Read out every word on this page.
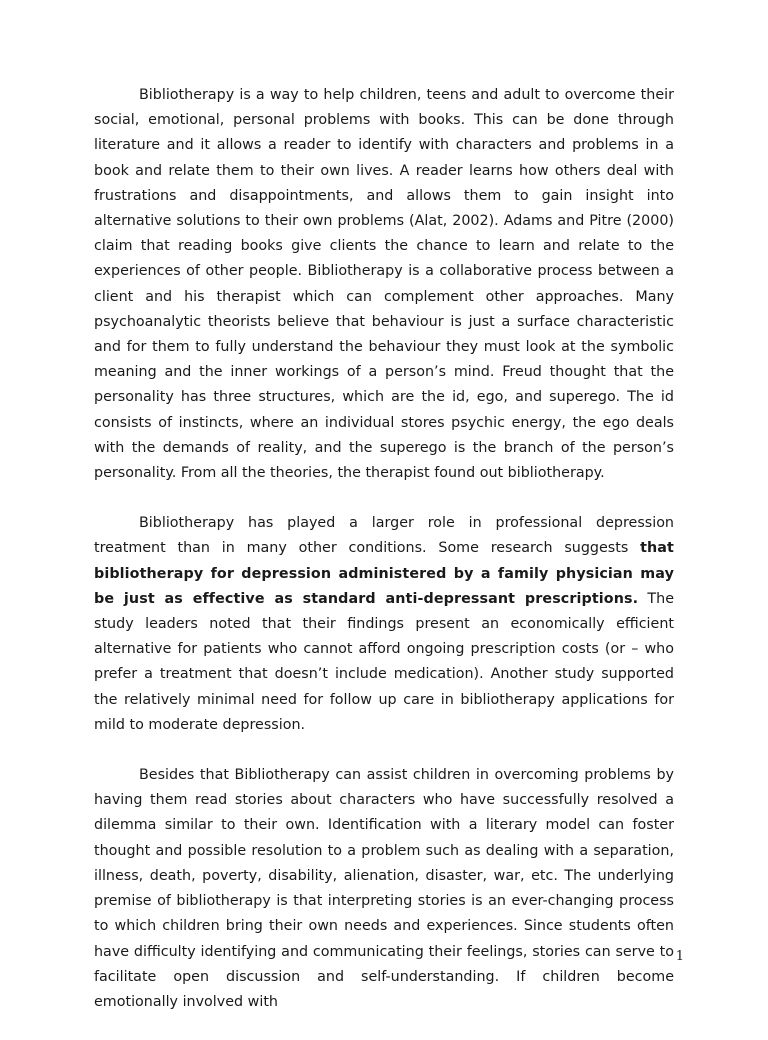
Bibliotherapy is a way to help children, teens and adult to overcome their social, emotional, personal problems with books. This can be done through literature and it allows a reader to identify with characters and problems in a book and relate them to their own lives. A reader learns how others deal with frustrations and disappointments, and allows them to gain insight into alternative solutions to their own problems (Alat, 2002). Adams and Pitre (2000) claim that reading books give clients the chance to learn and relate to the experiences of other people. Bibliotherapy is a collaborative process between a client and his therapist which can complement other approaches. Many psychoanalytic theorists believe that behaviour is just a surface characteristic and for them to fully understand the behaviour they must look at the symbolic meaning and the inner workings of a person’s mind. Freud thought that the personality has three structures, which are the id, ego, and superego. The id consists of instincts, where an individual stores psychic energy, the ego deals with the demands of reality, and the superego is the branch of the person’s personality. From all the theories, the therapist found out bibliotherapy.

Bibliotherapy has played a larger role in professional depression treatment than in many other conditions. Some research suggests that bibliotherapy for depression administered by a family physician may be just as effective as standard anti-depressant prescriptions. The study leaders noted that their findings present an economically efficient alternative for patients who cannot afford ongoing prescription costs (or – who prefer a treatment that doesn’t include medication). Another study supported the relatively minimal need for follow up care in bibliotherapy applications for mild to moderate depression.

Besides that Bibliotherapy can assist children in overcoming problems by having them read stories about characters who have successfully resolved a dilemma similar to their own. Identification with a literary model can foster thought and possible resolution to a problem such as dealing with a separation, illness, death, poverty, disability, alienation, disaster, war, etc. The underlying premise of bibliotherapy is that interpreting stories is an ever-changing process to which children bring their own needs and experiences. Since students often have difficulty identifying and communicating their feelings, stories can serve to facilitate open discussion and self-understanding. If children become emotionally involved with

1
